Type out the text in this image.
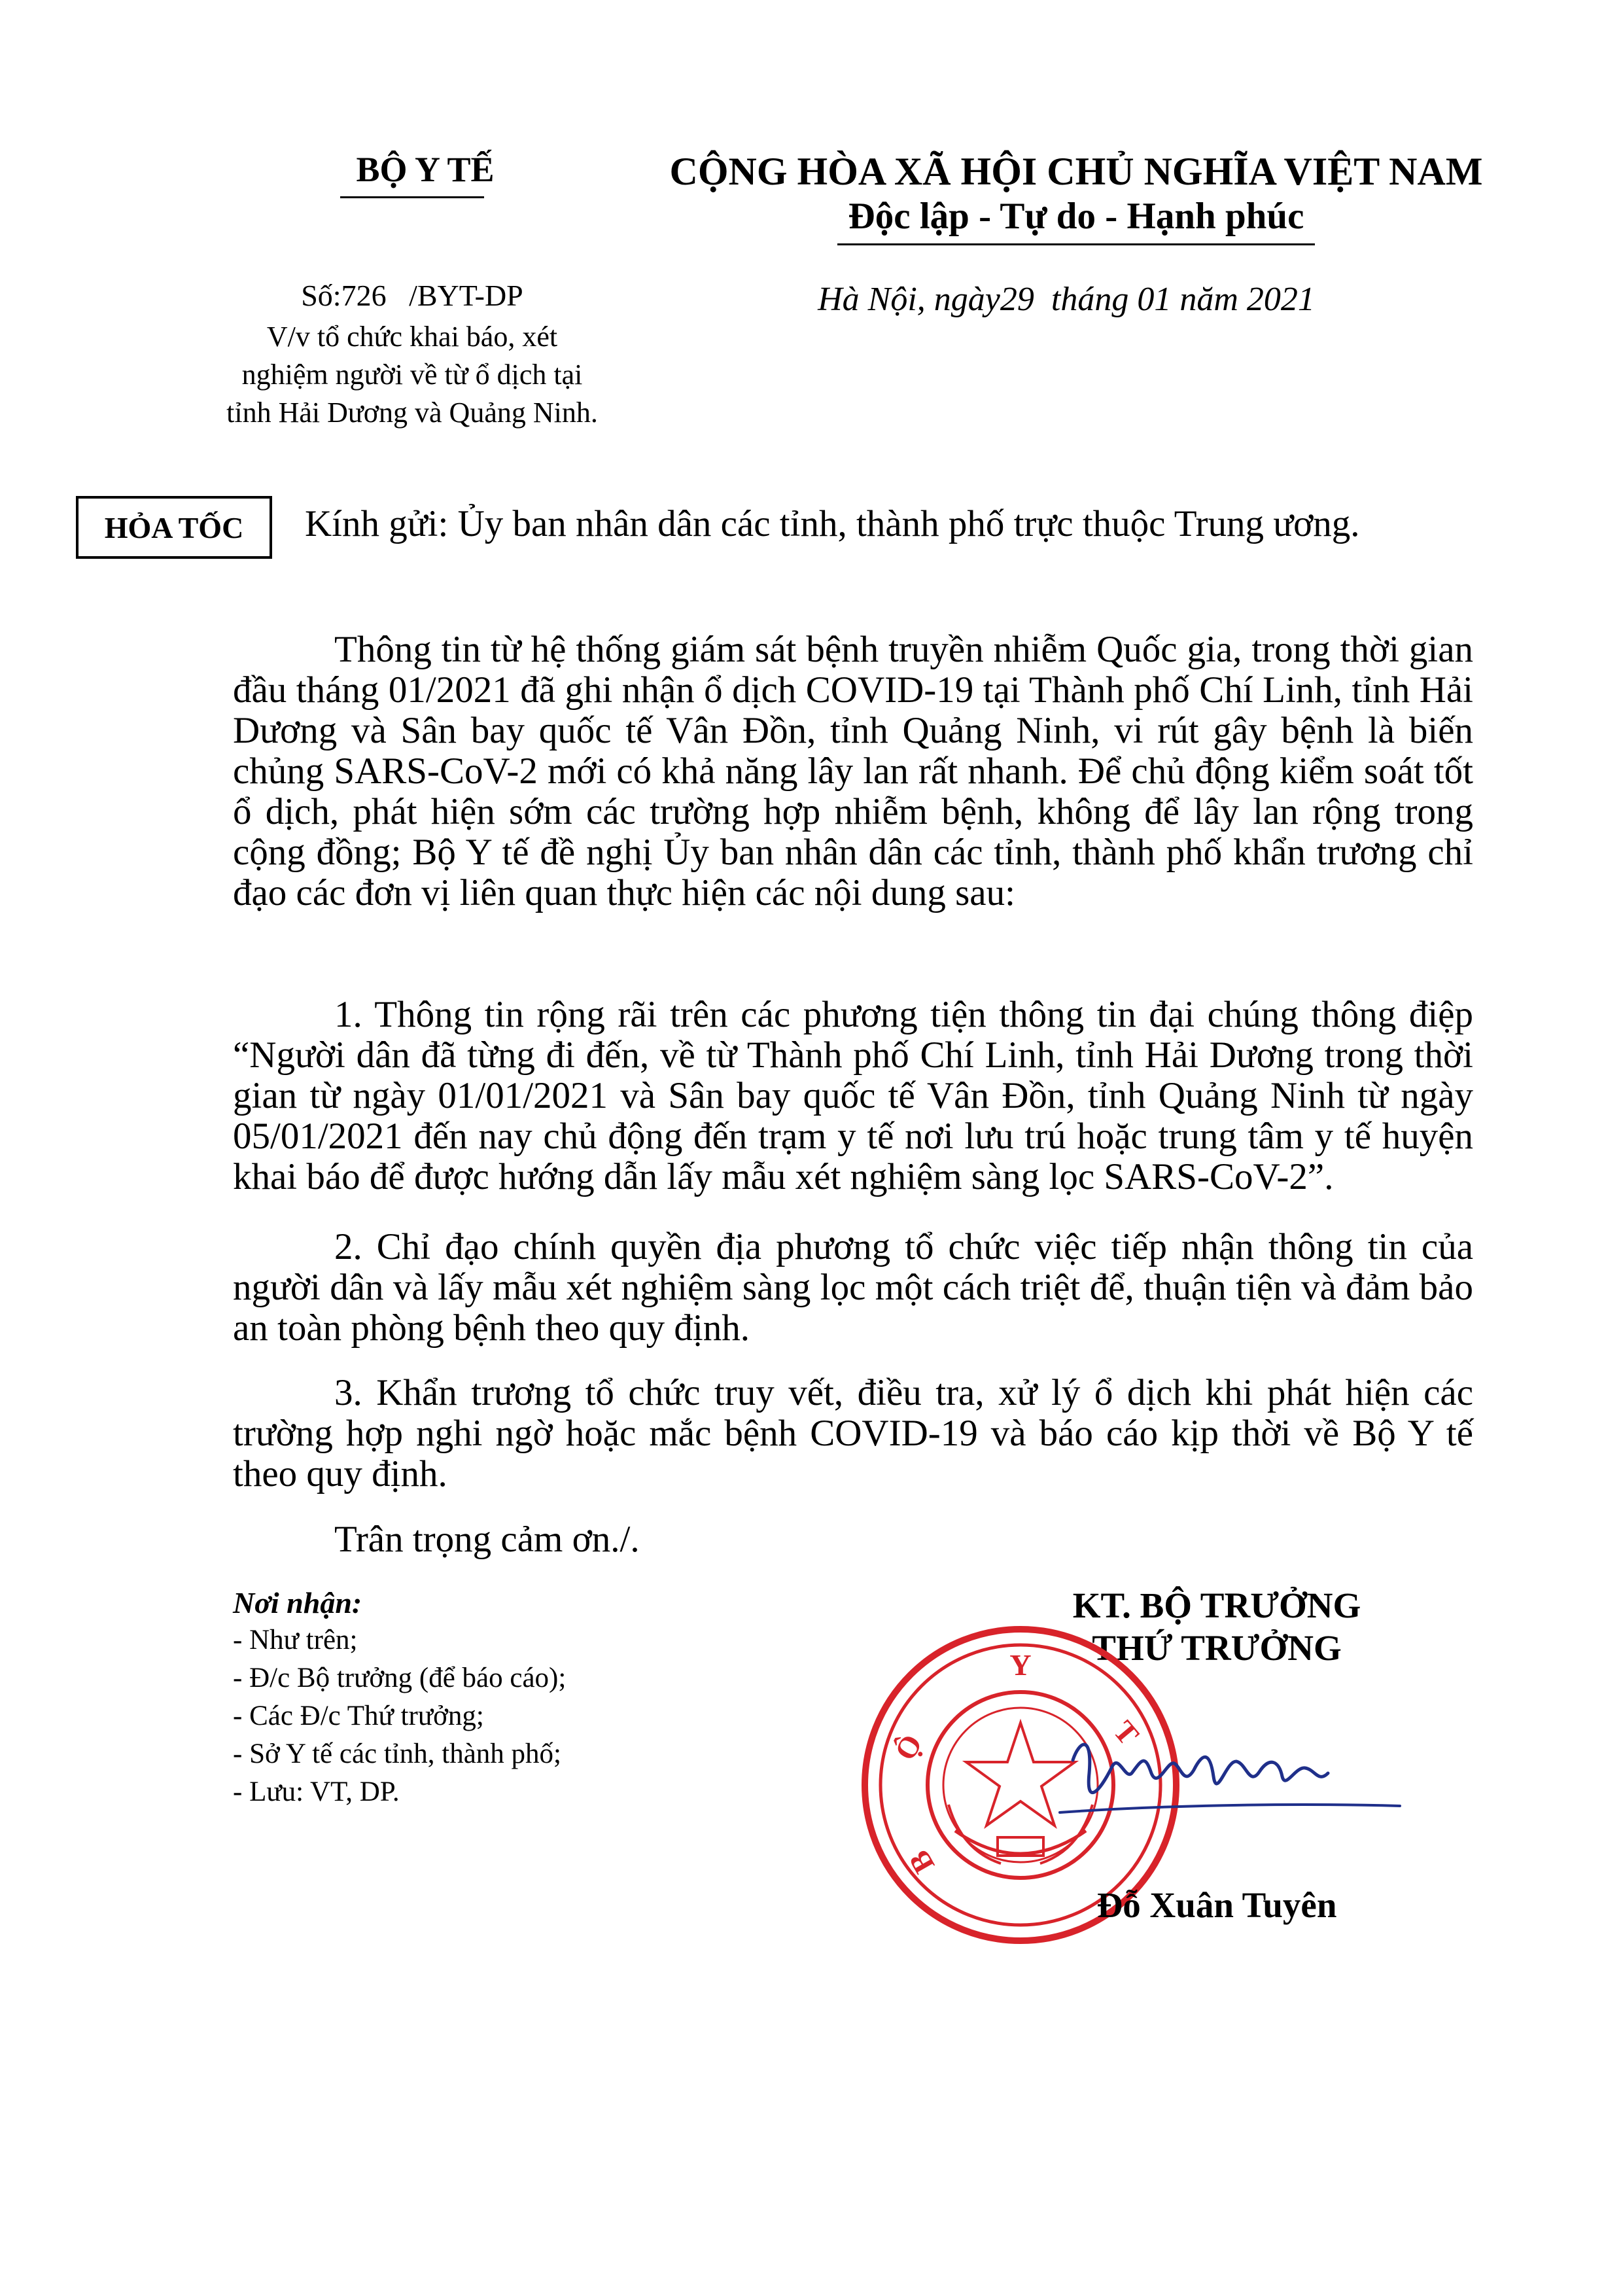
BỘ Y TẾ	CỘNG HÒA XÃ HỘI CHỦ NGHĨA VIỆT NAM
Độc lập - Tự do - Hạnh phúc
Số:726   /BYT-DP
V/v tổ chức khai báo, xét
nghiệm người về từ ổ dịch tại
tỉnh Hải Dương và Quảng Ninh.
Hà Nội, ngày29  tháng 01 năm 2021
HỎA TỐC Kính gửi: Ủy ban nhân dân các tỉnh, thành phố trực thuộc Trung ương.
Thông tin từ hệ thống giám sát bệnh truyền nhiễm Quốc gia, trong thời gian đầu tháng 01/2021 đã ghi nhận ổ dịch COVID-19 tại Thành phố Chí Linh, tỉnh Hải Dương và Sân bay quốc tế Vân Đồn, tỉnh Quảng Ninh, vi rút gây bệnh là biến chủng SARS-CoV-2 mới có khả năng lây lan rất nhanh. Để chủ động kiểm soát tốt ổ dịch, phát hiện sớm các trường hợp nhiễm bệnh, không để lây lan rộng trong cộng đồng; Bộ Y tế đề nghị Ủy ban nhân dân các tỉnh, thành phố khẩn trương chỉ đạo các đơn vị liên quan thực hiện các nội dung sau:
1. Thông tin rộng rãi trên các phương tiện thông tin đại chúng thông điệp “Người dân đã từng đi đến, về từ Thành phố Chí Linh, tỉnh Hải Dương trong thời gian từ ngày 01/01/2021 và Sân bay quốc tế Vân Đồn, tỉnh Quảng Ninh từ ngày 05/01/2021 đến nay chủ động đến trạm y tế nơi lưu trú hoặc trung tâm y tế huyện khai báo để được hướng dẫn lấy mẫu xét nghiệm sàng lọc SARS-CoV-2”.
2. Chỉ đạo chính quyền địa phương tổ chức việc tiếp nhận thông tin của người dân và lấy mẫu xét nghiệm sàng lọc một cách triệt để, thuận tiện và đảm bảo an toàn phòng bệnh theo quy định.
3. Khẩn trương tổ chức truy vết, điều tra, xử lý ổ dịch khi phát hiện các trường hợp nghi ngờ hoặc mắc bệnh COVID-19 và báo cáo kịp thời về Bộ Y tế theo quy định.
Trân trọng cảm ơn./.
Nơi nhận:
- Như trên;
- Đ/c Bộ trưởng (để báo cáo);
- Các Đ/c Thứ trưởng;
- Sở Y tế các tỉnh, thành phố;
- Lưu: VT, DP.
KT. BỘ TRƯỞNG
THỨ TRƯỞNG
Y
T
Ộ
B
Đỗ Xuân Tuyên
